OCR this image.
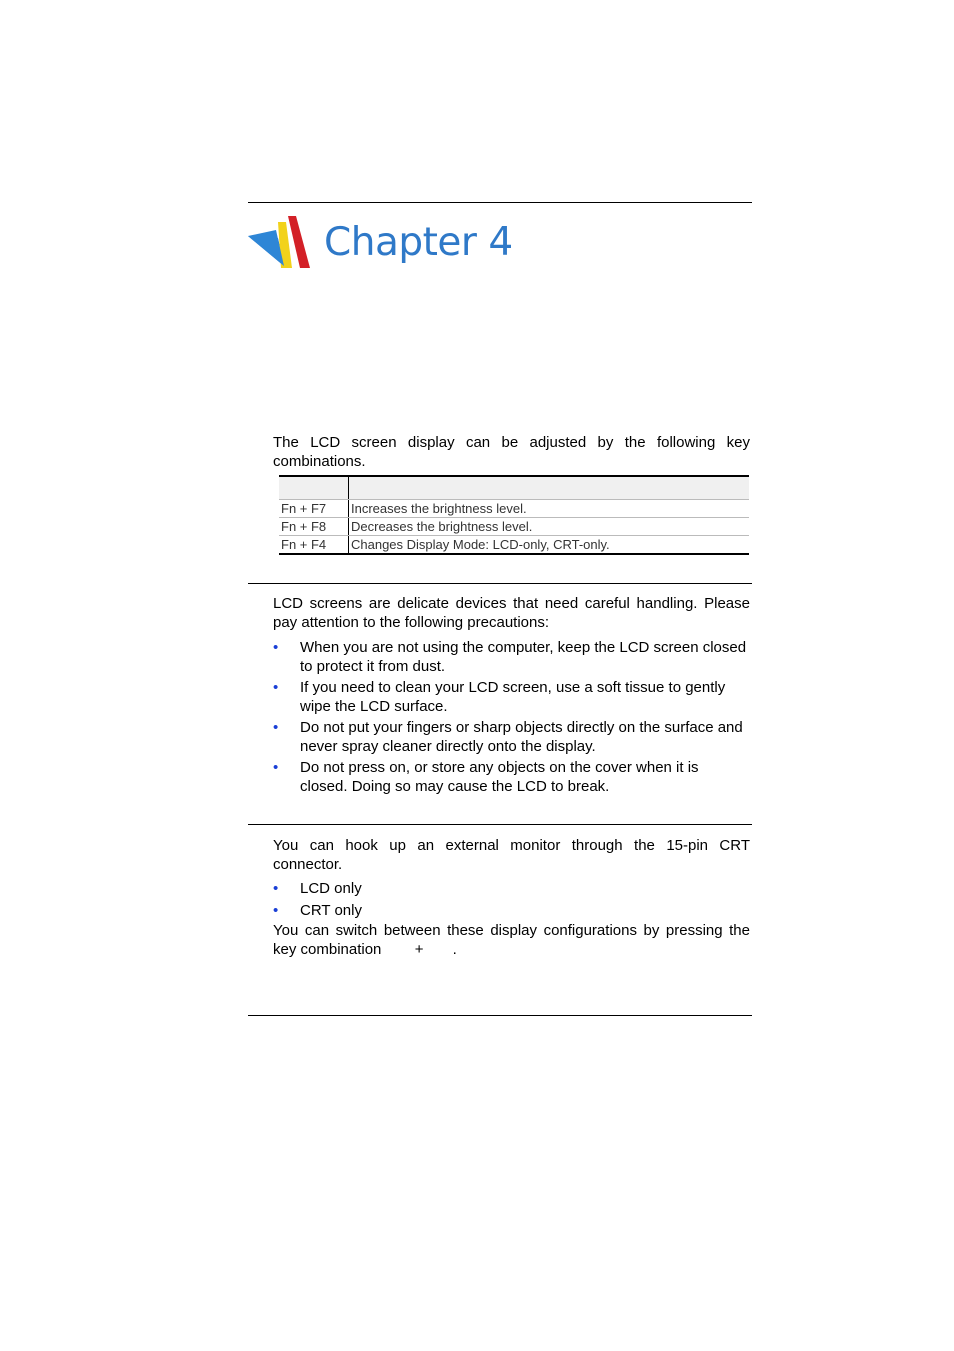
Chapter 4
The LCD screen display can be adjusted by the following key combinations.

Fn + F7	Increases the brightness level.
Fn + F8	Decreases the brightness level.
Fn + F4	Changes Display Mode: LCD-only, CRT-only.
LCD screens are delicate devices that need careful handling. Please pay attention to the following precautions:
• When you are not using the computer, keep the LCD screen closed to protect it from dust.
• If you need to clean your LCD screen, use a soft tissue to gently wipe the LCD surface.
• Do not put your fingers or sharp objects directly on the surface and never spray cleaner directly onto the display.
• Do not press on, or store any objects on the cover when it is closed. Doing so may cause the LCD to break.
You can hook up an external monitor through the 15-pin CRT connector.
• LCD only
• CRT only
You can switch between these display configurations by pressing the key combination        +       .
